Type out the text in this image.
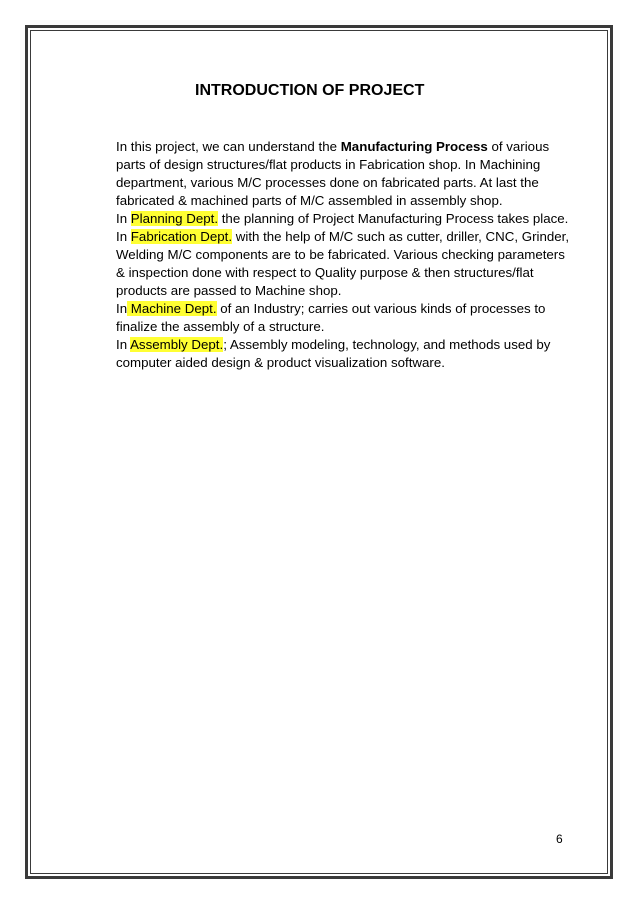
INTRODUCTION OF PROJECT
In this project, we can understand the Manufacturing Process of various
parts of design structures/flat products in Fabrication shop. In Machining
department, various M/C processes done on fabricated parts. At last the
fabricated & machined parts of M/C assembled in assembly shop.
In Planning Dept. the planning of Project Manufacturing Process takes place.
In Fabrication Dept. with the help of M/C such as cutter, driller, CNC, Grinder,
Welding M/C components are to be fabricated. Various checking parameters
& inspection done with respect to Quality purpose & then structures/flat
products are passed to Machine shop.
In Machine Dept. of an Industry; carries out various kinds of processes to
finalize the assembly of a structure.
In Assembly Dept.; Assembly modeling, technology, and methods used by
computer aided design & product visualization software.
6
